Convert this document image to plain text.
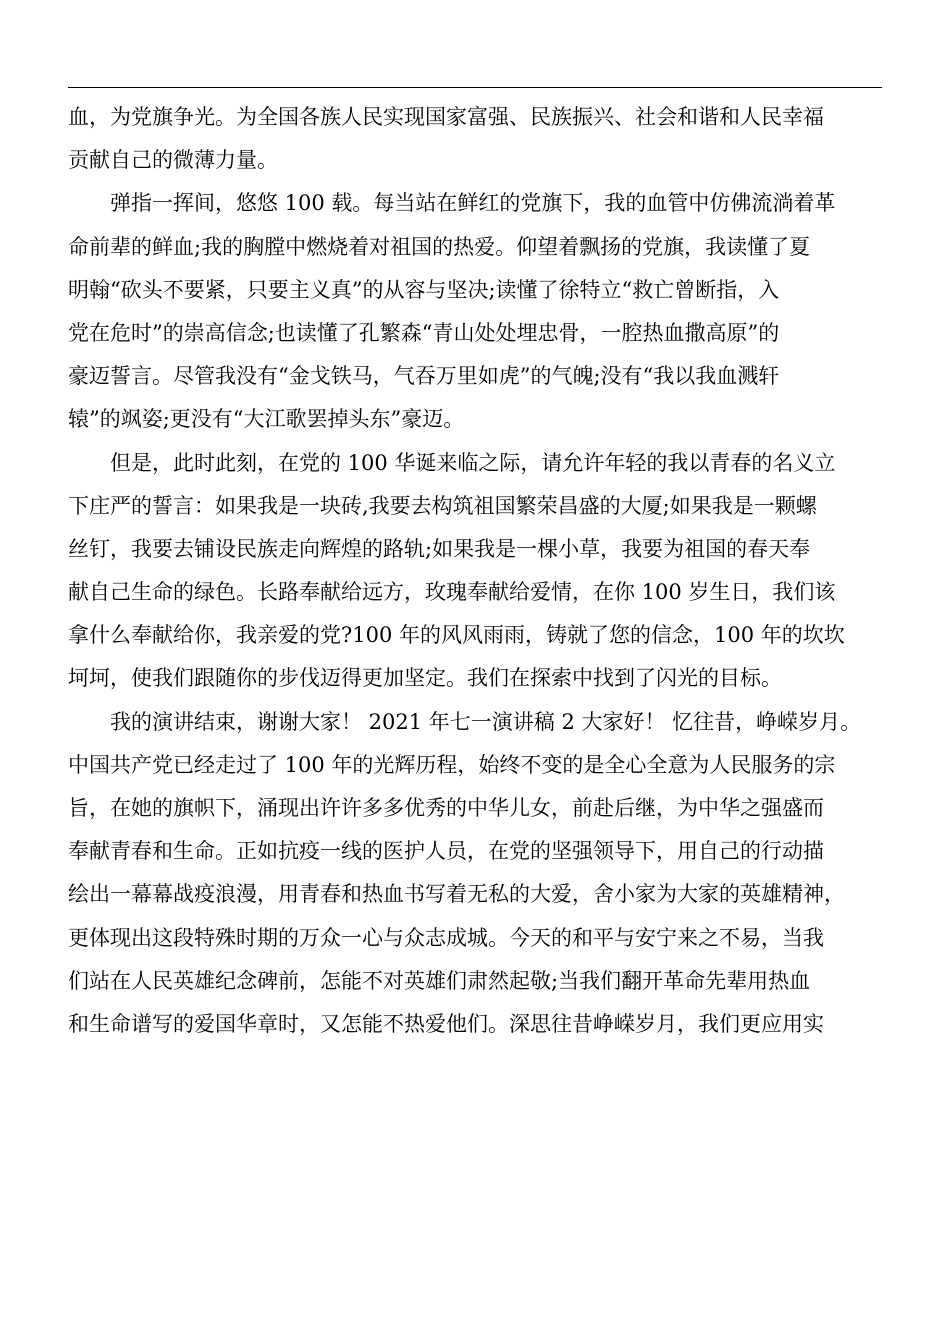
血，为党旗争光。为全国各族人民实现国家富强、民族振兴、社会和谐和人民幸福
贡献自己的微薄力量。
弹指一挥间，悠悠 100 载。每当站在鲜红的党旗下，我的血管中仿佛流淌着革
命前辈的鲜血;我的胸膛中燃烧着对祖国的热爱。仰望着飘扬的党旗，我读懂了夏
明翰“砍头不要紧，只要主义真”的从容与坚决;读懂了徐特立“救亡曾断指，入
党在危时”的崇高信念;也读懂了孔繁森“青山处处埋忠骨，一腔热血撒高原”的
豪迈誓言。尽管我没有“金戈铁马，气吞万里如虎”的气魄;没有“我以我血溅轩
辕”的飒姿;更没有“大江歌罢掉头东”豪迈。
但是，此时此刻，在党的 100 华诞来临之际，请允许年轻的我以青春的名义立
下庄严的誓言：如果我是一块砖,我要去构筑祖国繁荣昌盛的大厦;如果我是一颗螺
丝钉，我要去铺设民族走向辉煌的路轨;如果我是一棵小草，我要为祖国的春天奉
献自己生命的绿色。长路奉献给远方，玫瑰奉献给爱情，在你 100 岁生日，我们该
拿什么奉献给你，我亲爱的党?100 年的风风雨雨，铸就了您的信念，100 年的坎坎
坷坷，使我们跟随你的步伐迈得更加坚定。我们在探索中找到了闪光的目标。
我的演讲结束，谢谢大家！ 2021 年七一演讲稿 2 大家好！ 忆往昔，峥嵘岁月。
中国共产党已经走过了 100 年的光辉历程，始终不变的是全心全意为人民服务的宗
旨，在她的旗帜下，涌现出许许多多优秀的中华儿女，前赴后继，为中华之强盛而
奉献青春和生命。正如抗疫一线的医护人员，在党的坚强领导下，用自己的行动描
绘出一幕幕战疫浪漫，用青春和热血书写着无私的大爱，舍小家为大家的英雄精神，
更体现出这段特殊时期的万众一心与众志成城。今天的和平与安宁来之不易，当我
们站在人民英雄纪念碑前，怎能不对英雄们肃然起敬;当我们翻开革命先辈用热血
和生命谱写的爱国华章时，又怎能不热爱他们。深思往昔峥嵘岁月，我们更应用实
